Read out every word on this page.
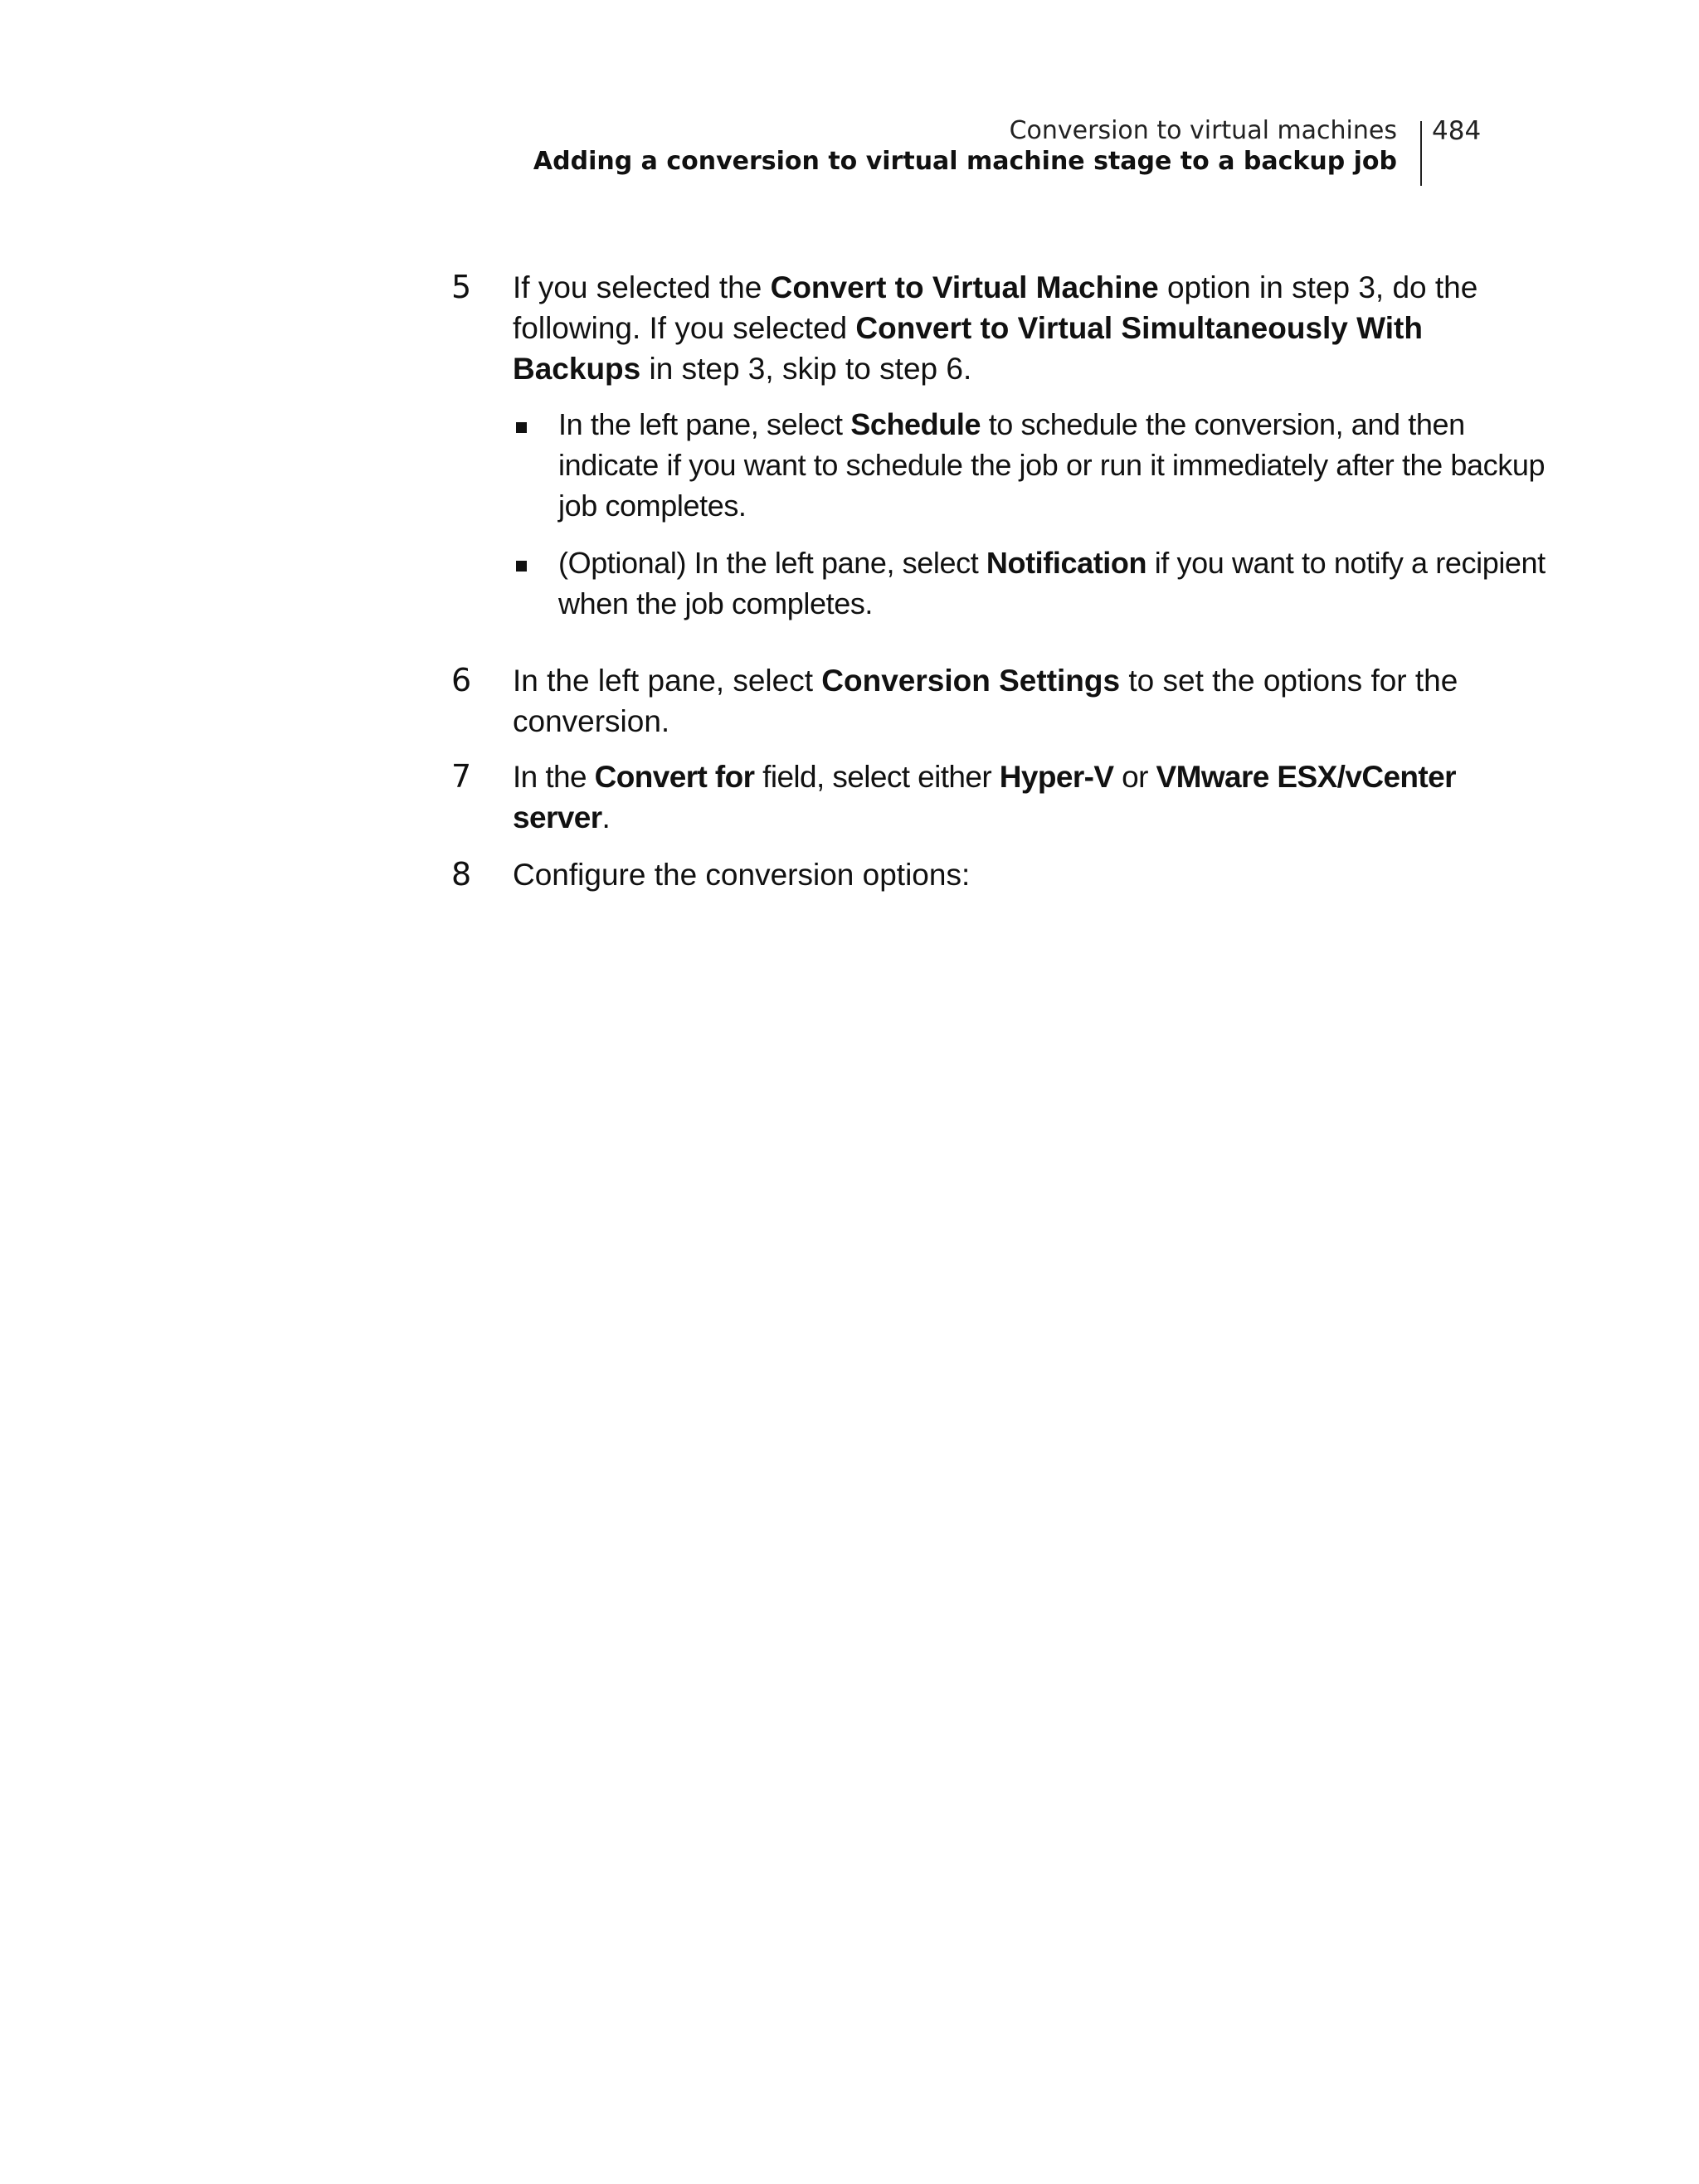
Conversion to virtual machines
Adding a conversion to virtual machine stage to a backup job
484
5	If you selected the Convert to Virtual Machine option in step 3, do the following. If you selected Convert to Virtual Simultaneously With Backups in step 3, skip to step 6.

In the left pane, select Schedule to schedule the conversion, and then indicate if you want to schedule the job or run it immediately after the backup job completes.
(Optional) In the left pane, select Notification if you want to notify a recipient when the job completes.
6	In the left pane, select Conversion Settings to set the options for the conversion.

7	In the Convert for field, select either Hyper-V or VMware ESX/vCenter server.

8	Configure the conversion options:
